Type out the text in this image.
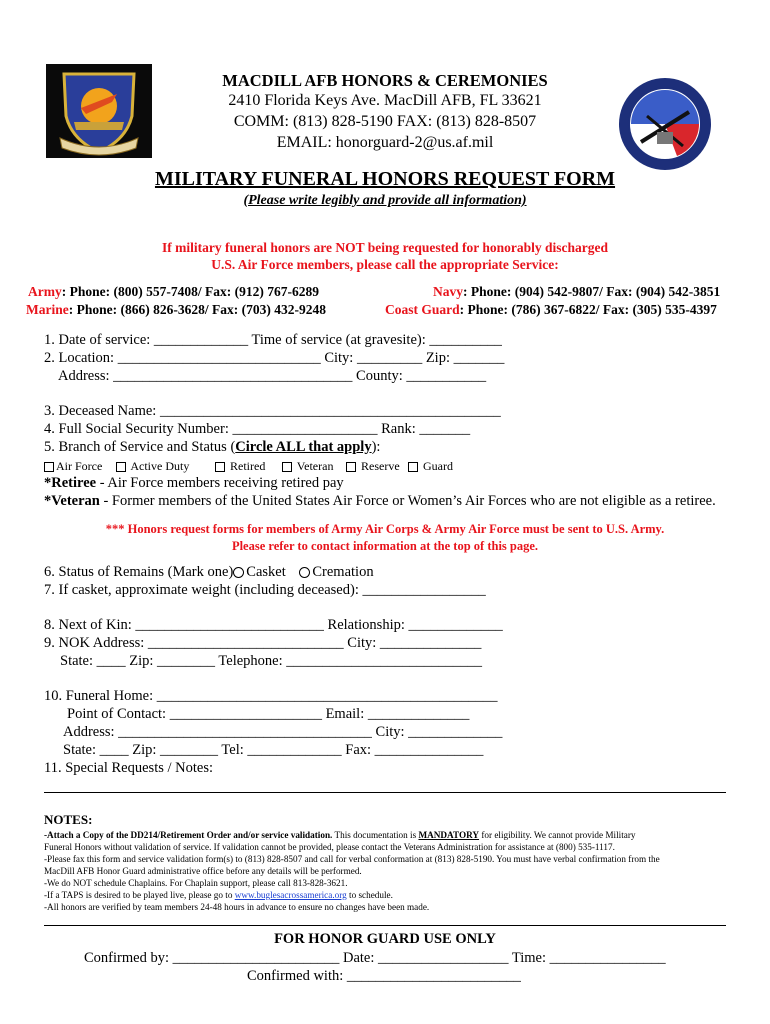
MACDILL AFB HONORS & CEREMONIES
2410 Florida Keys Ave. MacDill AFB, FL 33621
COMM: (813) 828-5190 FAX: (813) 828-8507
EMAIL: honorguard-2@us.af.mil
MILITARY FUNERAL HONORS REQUEST FORM
(Please write legibly and provide all information)
If military funeral honors are NOT being requested for honorably discharged
U.S. Air Force members, please call the appropriate Service:
Army: Phone: (800) 557-7408/ Fax: (912) 767-6289	Navy: Phone: (904) 542-9807/ Fax: (904) 542-3851
Marine: Phone: (866) 826-3628/ Fax: (703) 432-9248	Coast Guard: Phone: (786) 367-6822/ Fax: (305) 535-4397
1. Date of service: _____________ Time of service (at gravesite): __________
2. Location: ____________________________ City: _________ Zip: _______
Address: _________________________________ County: ___________
3. Deceased Name: _______________________________________________
4. Full Social Security Number: ____________________ Rank: _______
5. Branch of Service and Status (Circle ALL that apply):
Air Force	Active Duty	Retired	Veteran	Reserve	Guard
*Retiree - Air Force members receiving retired pay
*Veteran - Former members of the United States Air Force or Women’s Air Forces who are not eligible as a retiree.
*** Honors request forms for members of Army Air Corps & Army Air Force must be sent to U.S. Army.
Please refer to contact information at the top of this page.
6. Status of Remains (Mark one) Casket Cremation
7. If casket, approximate weight (including deceased): _________________
8. Next of Kin: __________________________ Relationship: _____________
9. NOK Address: ___________________________ City: ______________
State: ____ Zip: ________ Telephone: ___________________________
10. Funeral Home: _______________________________________________
Point of Contact: _____________________ Email: ______________
Address: ___________________________________ City: _____________
State: ____ Zip: ________ Tel: _____________ Fax: _______________
11. Special Requests / Notes:
NOTES:
-Attach a Copy of the DD214/Retirement Order and/or service validation. This documentation is MANDATORY for eligibility. We cannot provide Military
Funeral Honors without validation of service. If validation cannot be provided, please contact the Veterans Administration for assistance at (800) 535-1117.
-Please fax this form and service validation form(s) to (813) 828-8507 and call for verbal conformation at (813) 828-5190. You must have verbal confirmation from the
MacDill AFB Honor Guard administrative office before any details will be performed.
-We do NOT schedule Chaplains. For Chaplain support, please call 813-828-3621.
-If a TAPS is desired to be played live, please go to www.buglesacrossamerica.org to schedule.
-All honors are verified by team members 24-48 hours in advance to ensure no changes have been made.
FOR HONOR GUARD USE ONLY
Confirmed by: _______________________ Date: __________________ Time: ________________
Confirmed with: ________________________
